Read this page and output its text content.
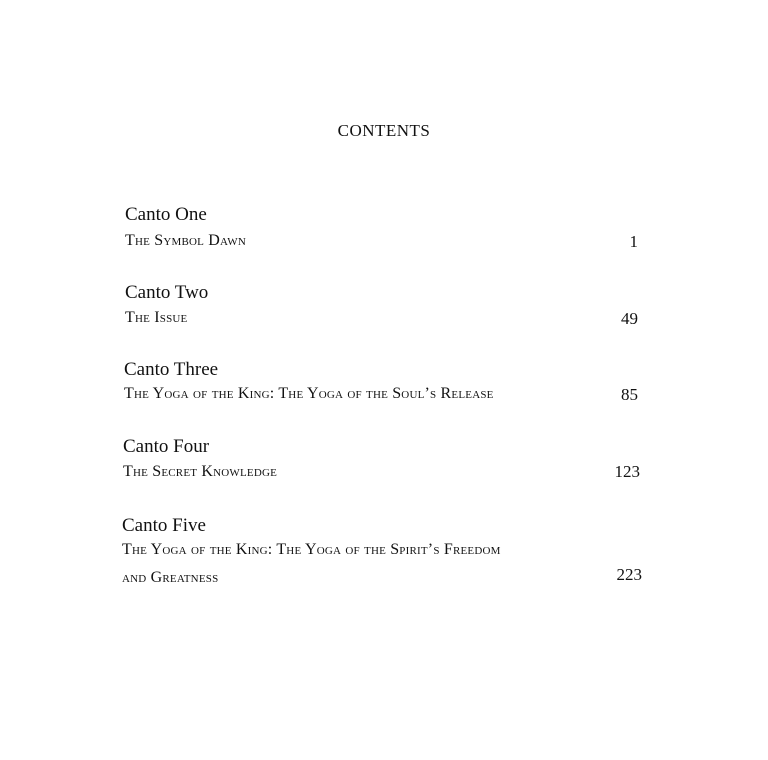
CONTENTS
Canto One
The Symbol Dawn	1
Canto Two
The Issue	49
Canto Three
The Yoga of the King: The Yoga of the Soul’s Release	85
Canto Four
The Secret Knowledge	123
Canto Five
The Yoga of the King: The Yoga of the Spirit’s Freedom
and Greatness	223
